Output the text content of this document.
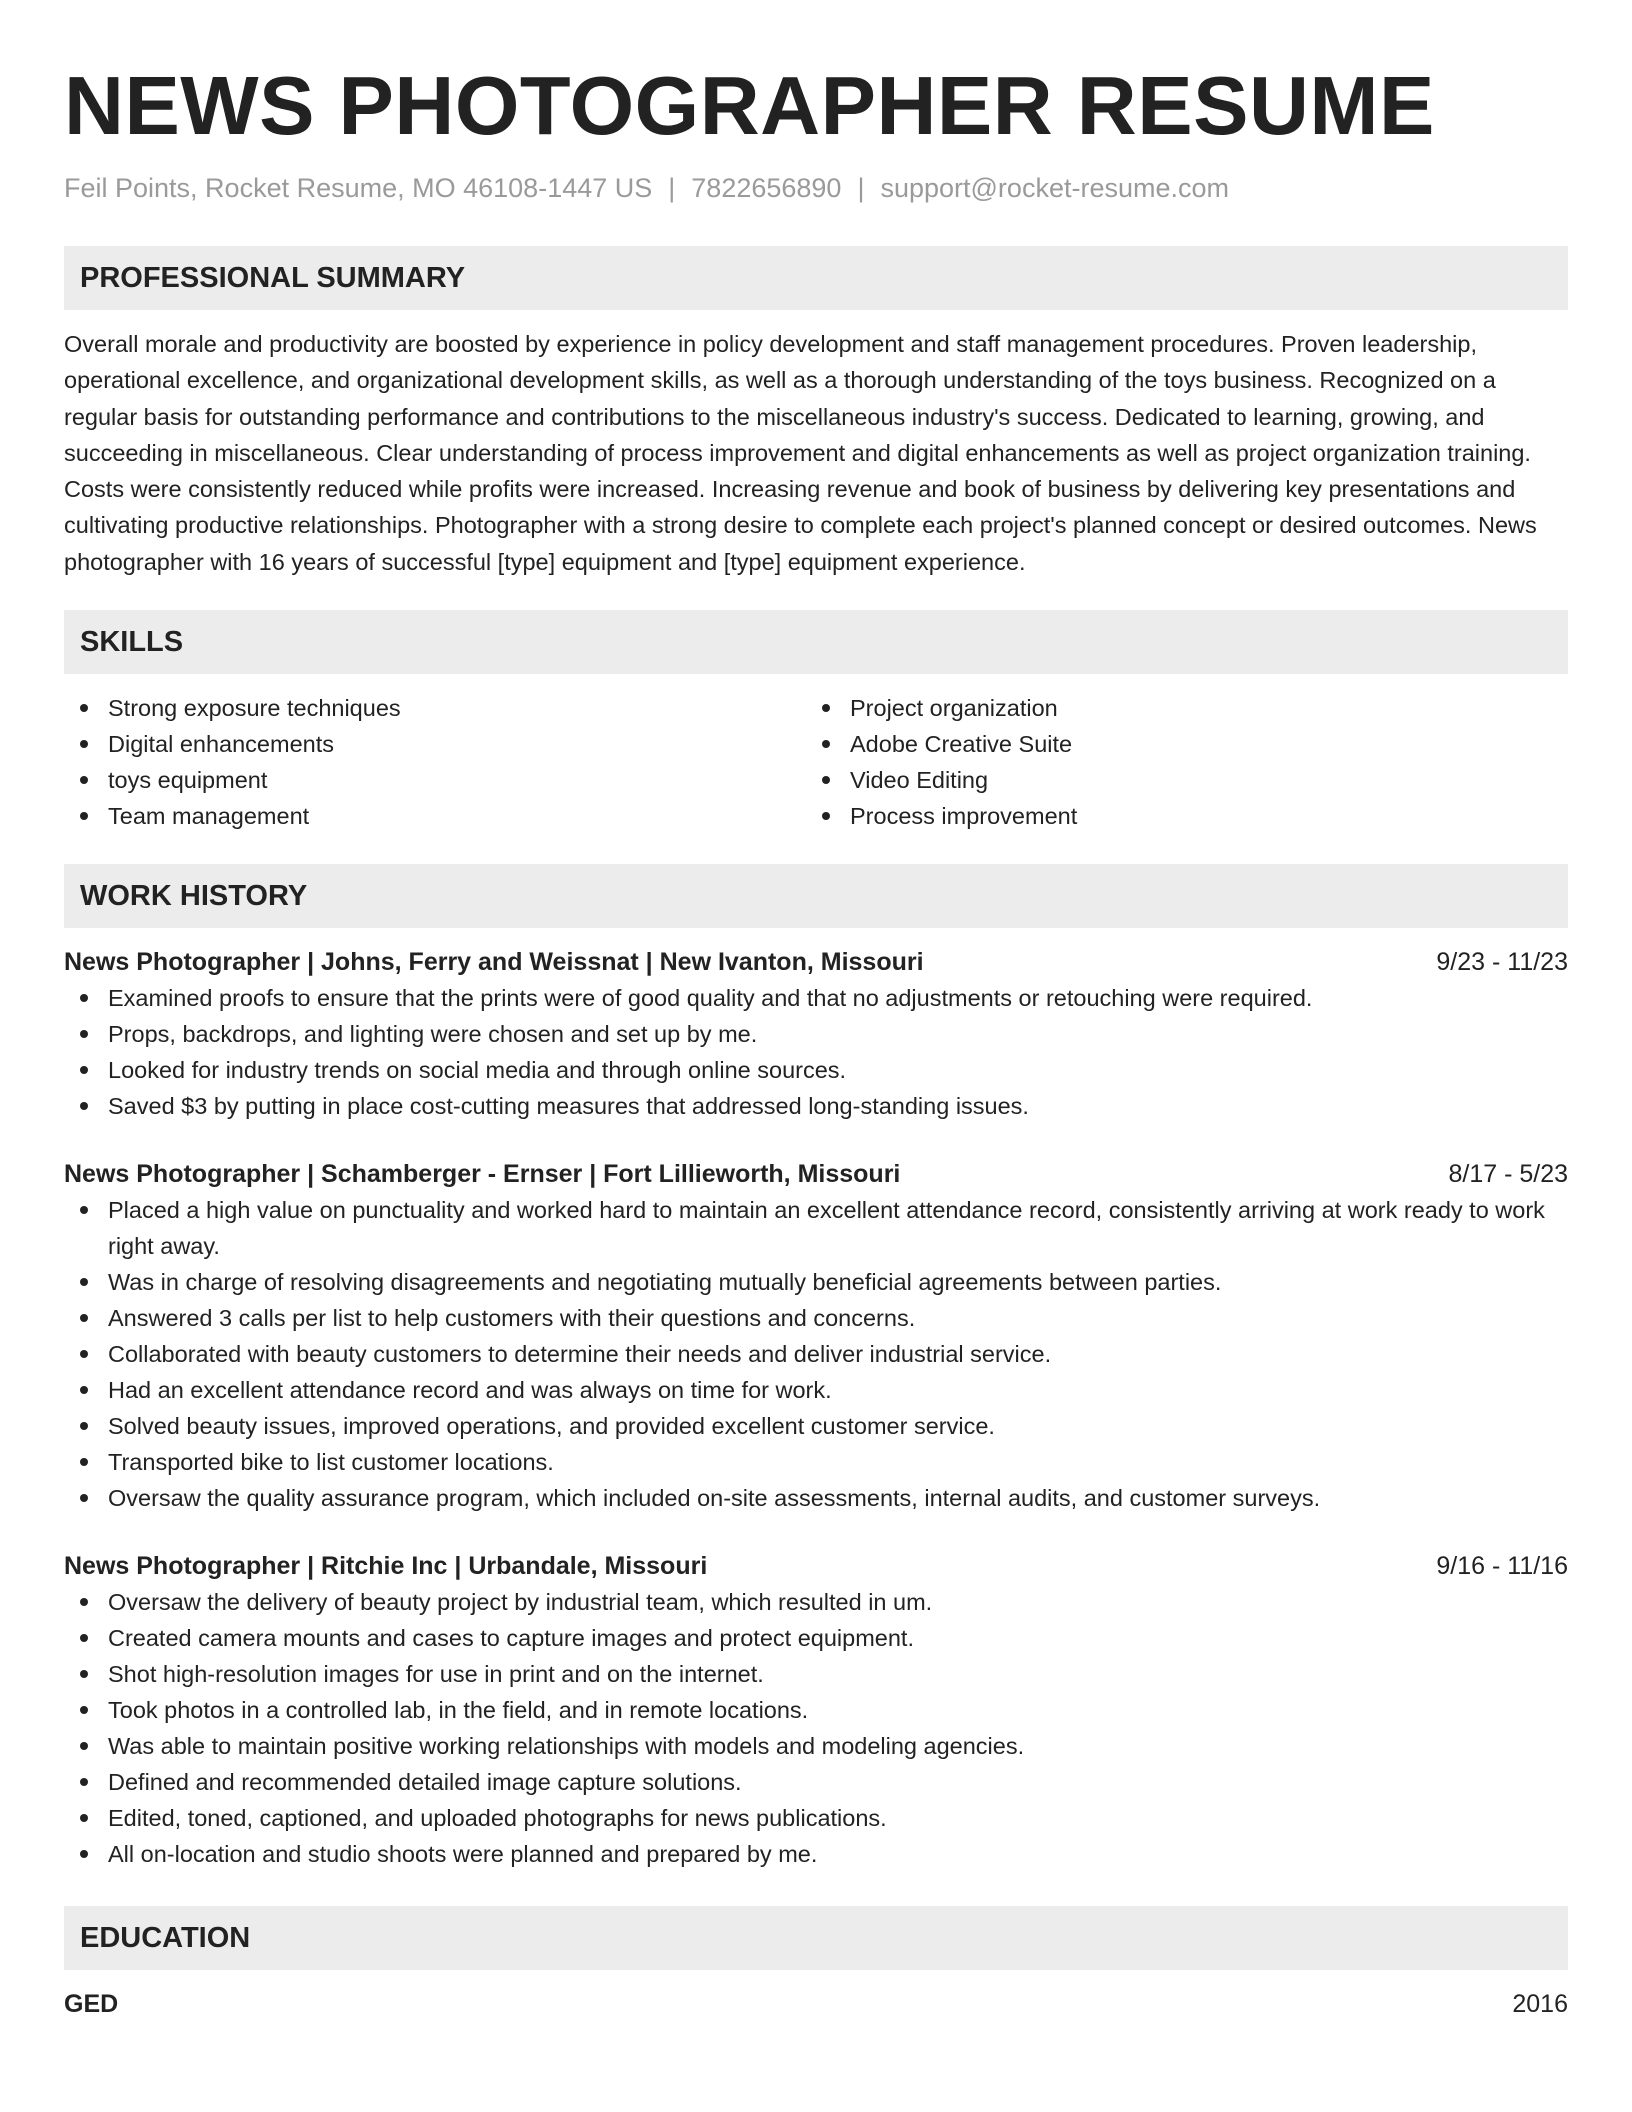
NEWS PHOTOGRAPHER RESUME
Feil Points, Rocket Resume, MO 46108-1447 US | 7822656890 | support@rocket-resume.com
PROFESSIONAL SUMMARY

Overall morale and productivity are boosted by experience in policy development and staff management procedures. Proven leadership, operational excellence, and organizational development skills, as well as a thorough understanding of the toys business. Recognized on a regular basis for outstanding performance and contributions to the miscellaneous industry's success. Dedicated to learning, growing, and succeeding in miscellaneous. Clear understanding of process improvement and digital enhancements as well as project organization training. Costs were consistently reduced while profits were increased. Increasing revenue and book of business by delivering key presentations and cultivating productive relationships. Photographer with a strong desire to complete each project's planned concept or desired outcomes. News photographer with 16 years of successful [type] equipment and [type] equipment experience.

SKILLS
Strong exposure techniques
Digital enhancements
toys equipment
Team management
Project organization
Adobe Creative Suite
Video Editing
Process improvement
WORK HISTORY
News Photographer | Johns, Ferry and Weissnat | New Ivanton, Missouri	9/23 - 11/23
Examined proofs to ensure that the prints were of good quality and that no adjustments or retouching were required.
Props, backdrops, and lighting were chosen and set up by me.
Looked for industry trends on social media and through online sources.
Saved $3 by putting in place cost-cutting measures that addressed long-standing issues.
News Photographer | Schamberger - Ernser | Fort Lillieworth, Missouri	8/17 - 5/23
Placed a high value on punctuality and worked hard to maintain an excellent attendance record, consistently arriving at work ready to work right away.
Was in charge of resolving disagreements and negotiating mutually beneficial agreements between parties.
Answered 3 calls per list to help customers with their questions and concerns.
Collaborated with beauty customers to determine their needs and deliver industrial service.
Had an excellent attendance record and was always on time for work.
Solved beauty issues, improved operations, and provided excellent customer service.
Transported bike to list customer locations.
Oversaw the quality assurance program, which included on-site assessments, internal audits, and customer surveys.
News Photographer | Ritchie Inc | Urbandale, Missouri	9/16 - 11/16
Oversaw the delivery of beauty project by industrial team, which resulted in um.
Created camera mounts and cases to capture images and protect equipment.
Shot high-resolution images for use in print and on the internet.
Took photos in a controlled lab, in the field, and in remote locations.
Was able to maintain positive working relationships with models and modeling agencies.
Defined and recommended detailed image capture solutions.
Edited, toned, captioned, and uploaded photographs for news publications.
All on-location and studio shoots were planned and prepared by me.
EDUCATION
GED	2016
